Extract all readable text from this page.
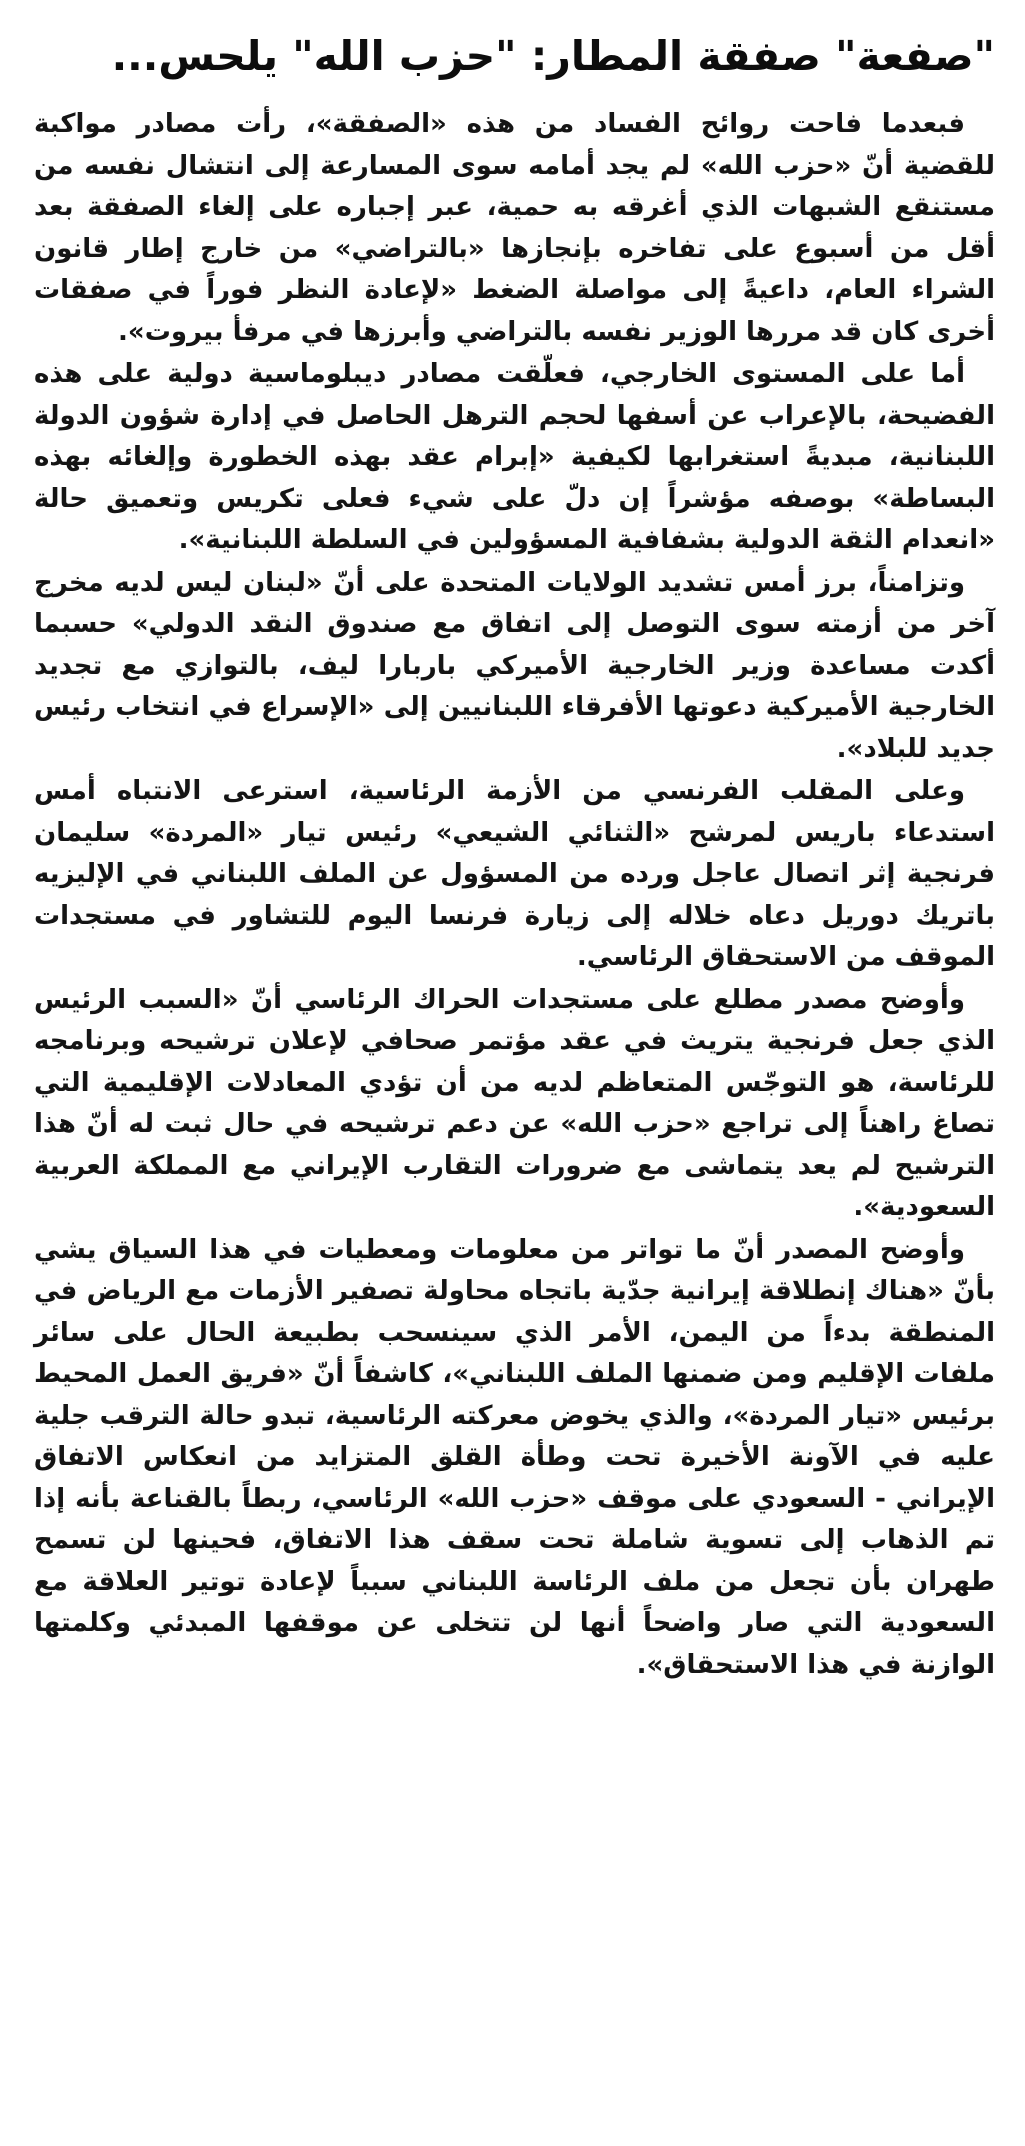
"صفعة" صفقة المطار: "حزب الله" يلحس...

فبعدما فاحت روائح الفساد من هذه «الصفقة»، رأت مصادر مواكبة للقضية أنّ «حزب الله» لم يجد أمامه سوى المسارعة إلى انتشال نفسه من مستنقع الشبهات الذي أغرقه به حمية، عبر إجباره على إلغاء الصفقة بعد أقل من أسبوع على تفاخره بإنجازها «بالتراضي» من خارج إطار قانون الشراء العام، داعيةً إلى مواصلة الضغط «لإعادة النظر فوراً في صفقات أخرى كان قد مررها الوزير نفسه بالتراضي وأبرزها في مرفأ بيروت».

أما على المستوى الخارجي، فعلّقت مصادر ديبلوماسية دولية على هذه الفضيحة، بالإعراب عن أسفها لحجم الترهل الحاصل في إدارة شؤون الدولة اللبنانية، مبديةً استغرابها لكيفية «إبرام عقد بهذه الخطورة وإلغائه بهذه البساطة» بوصفه مؤشراً إن دلّ على شيء فعلى تكريس وتعميق حالة «انعدام الثقة الدولية بشفافية المسؤولين في السلطة اللبنانية».

وتزامناً، برز أمس تشديد الولايات المتحدة على أنّ «لبنان ليس لديه مخرج آخر من أزمته سوى التوصل إلى اتفاق مع صندوق النقد الدولي» حسبما أكدت مساعدة وزير الخارجية الأميركي باربارا ليف، بالتوازي مع تجديد الخارجية الأميركية دعوتها الأفرقاء اللبنانيين إلى «الإسراع في انتخاب رئيس جديد للبلاد».

وعلى المقلب الفرنسي من الأزمة الرئاسية، استرعى الانتباه أمس استدعاء باريس لمرشح «الثنائي الشيعي» رئيس تيار «المردة» سليمان فرنجية إثر اتصال عاجل ورده من المسؤول عن الملف اللبناني في الإليزيه باتريك دوريل دعاه خلاله إلى زيارة فرنسا اليوم للتشاور في مستجدات الموقف من الاستحقاق الرئاسي.

وأوضح مصدر مطلع على مستجدات الحراك الرئاسي أنّ «السبب الرئيس الذي جعل فرنجية يتريث في عقد مؤتمر صحافي لإعلان ترشيحه وبرنامجه للرئاسة، هو التوجّس المتعاظم لديه من أن تؤدي المعادلات الإقليمية التي تصاغ راهناً إلى تراجع «حزب الله» عن دعم ترشيحه في حال ثبت له أنّ هذا الترشيح لم يعد يتماشى مع ضرورات التقارب الإيراني مع المملكة العربية السعودية».

وأوضح المصدر أنّ ما تواتر من معلومات ومعطيات في هذا السياق يشي بأنّ «هناك إنطلاقة إيرانية جدّية باتجاه محاولة تصفير الأزمات مع الرياض في المنطقة بدءاً من اليمن، الأمر الذي سينسحب بطبيعة الحال على سائر ملفات الإقليم ومن ضمنها الملف اللبناني»، كاشفاً أنّ «فريق العمل المحيط برئيس «تيار المردة»، والذي يخوض معركته الرئاسية، تبدو حالة الترقب جلية عليه في الآونة الأخيرة تحت وطأة القلق المتزايد من انعكاس الاتفاق الإيراني - السعودي على موقف «حزب الله» الرئاسي، ربطاً بالقناعة بأنه إذا تم الذهاب إلى تسوية شاملة تحت سقف هذا الاتفاق، فحينها لن تسمح طهران بأن تجعل من ملف الرئاسة اللبناني سبباً لإعادة توتير العلاقة مع السعودية التي صار واضحاً أنها لن تتخلى عن موقفها المبدئي وكلمتها الوازنة في هذا الاستحقاق».
